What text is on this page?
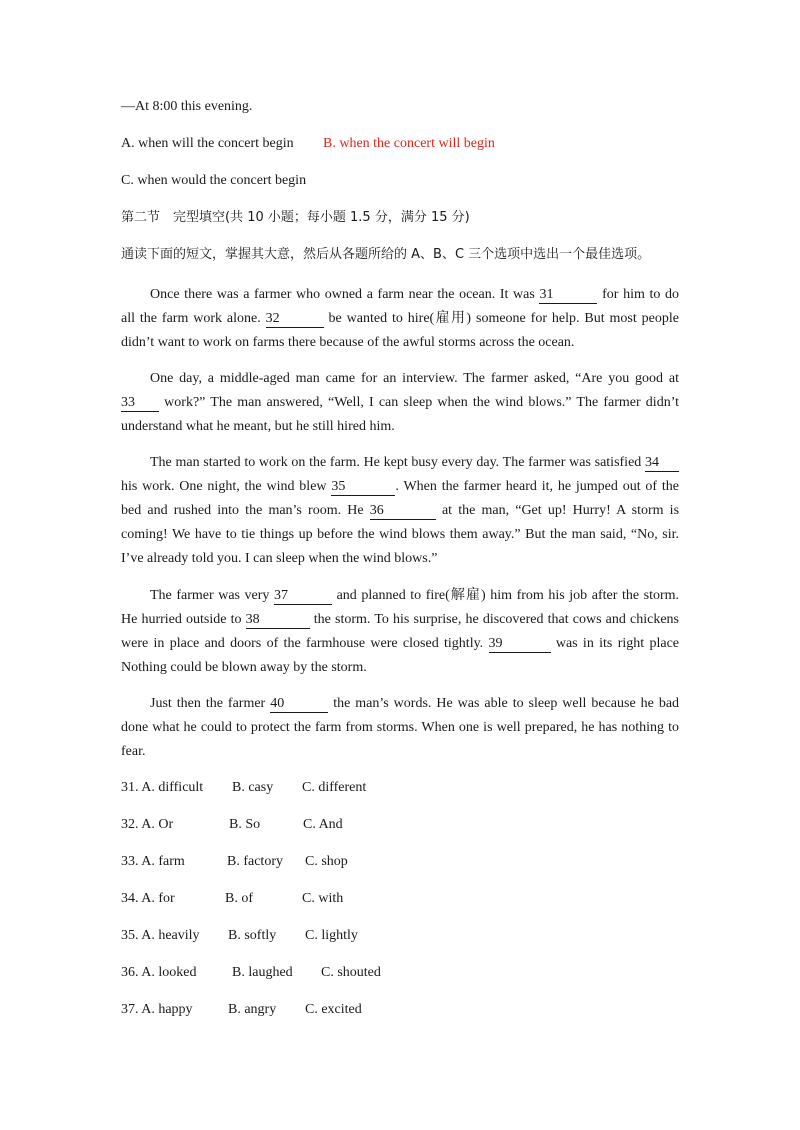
—At 8:00 this evening.
A. when will the concert begin B. when the concert will begin
C. when would the concert begin
第二节　完型填空(共 10 小题；每小题 1.5 分，满分 15 分)
通读下面的短文，掌握其大意，然后从各题所给的 A、B、C 三个选项中选出一个最佳选项。
Once there was a farmer who owned a farm near the ocean. It was 31	for him to do
all the farm work alone. 32	be wanted to hire(雇用) someone for help. But most people
didn’t want to work on farms there because of the awful storms across the ocean.
One day, a middle-aged man came for an interview. The farmer asked, “Are you good at
33 work?” The man answered, “Well, I can sleep when the wind blows.” The farmer didn’t
understand what he meant, but he still hired him.
The man started to work on the farm. He kept busy every day. The farmer was satisfied 34
his work. One night, the wind blew 35	. When the farmer heard it, he jumped out of the
bed and rushed into the man’s room. He 36	at the man, “Get up! Hurry! A storm is
coming! We have to tie things up before the wind blows them away.” But the man said, “No, sir.
I’ve already told you. I can sleep when the wind blows.”
The farmer was very 37	and planned to fire(解雇) him from his job after the storm.
He hurried outside to 38	the storm. To his surprise, he discovered that cows and chickens
were in place and doors of the farmhouse were closed tightly. 39	was in its right place
Nothing could be blown away by the storm.
Just then the farmer 40	the man’s words. He was able to sleep well because he bad
done what he could to protect the farm from storms. When one is well prepared, he has nothing to
fear.
31. A. difficult B. casy C. different
32. A. Or	B. So	C. And
33. A. farm	B. factory C. shop
34. A. for	B. of	C. with
35. A. heavily B. softly C. lightly
36. A. looked	B. laughed C. shouted
37. A. happy	B. angry C. excited
